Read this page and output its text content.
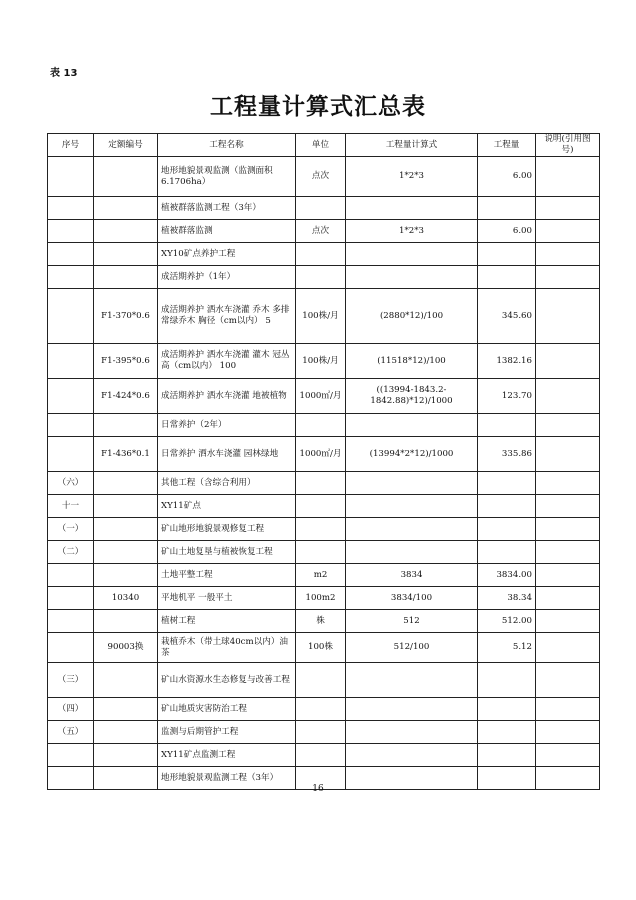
表 13
工程量计算式汇总表
序号	定额编号	工程名称	单位	工程量计算式	工程量	说明(引用图号)
		地形地貌景观监测（监测面积6.1706ha）	点次	1*2*3	6.00	
		植被群落监测工程（3年）				
		植被群落监测	点次	1*2*3	6.00	
		XY10矿点养护工程				
		成活期养护（1年）				
	F1-370*0.6	成活期养护 洒水车浇灌 乔木 多排常绿乔木 胸径（cm以内） 5	100株/月	(2880*12)/100	345.60	
	F1-395*0.6	成活期养护 洒水车浇灌 灌木 冠丛高（cm以内） 100	100株/月	(11518*12)/100	1382.16	
	F1-424*0.6	成活期养护 洒水车浇灌 地被植物	1000㎡/月	((13994-1843.2-1842.88)*12)/1000	123.70	
		日常养护（2年）				
	F1-436*0.1	日常养护 洒水车浇灌 园林绿地	1000㎡/月	(13994*2*12)/1000	335.86	
（六）		其他工程（含综合利用）				
十一		XY11矿点				
（一）		矿山地形地貌景观修复工程				
（二）		矿山土地复垦与植被恢复工程				
		土地平整工程	m2	3834	3834.00	
	10340	平地机平 一般平土	100m2	3834/100	38.34	
		植树工程	株	512	512.00	
	90003换	栽植乔木（带土球40cm以内）油茶	100株	512/100	5.12	
（三）		矿山水资源水生态修复与改善工程				
（四）		矿山地质灾害防治工程				
（五）		监测与后期管护工程				
		XY11矿点监测工程				
		地形地貌景观监测工程（3年）				
16
